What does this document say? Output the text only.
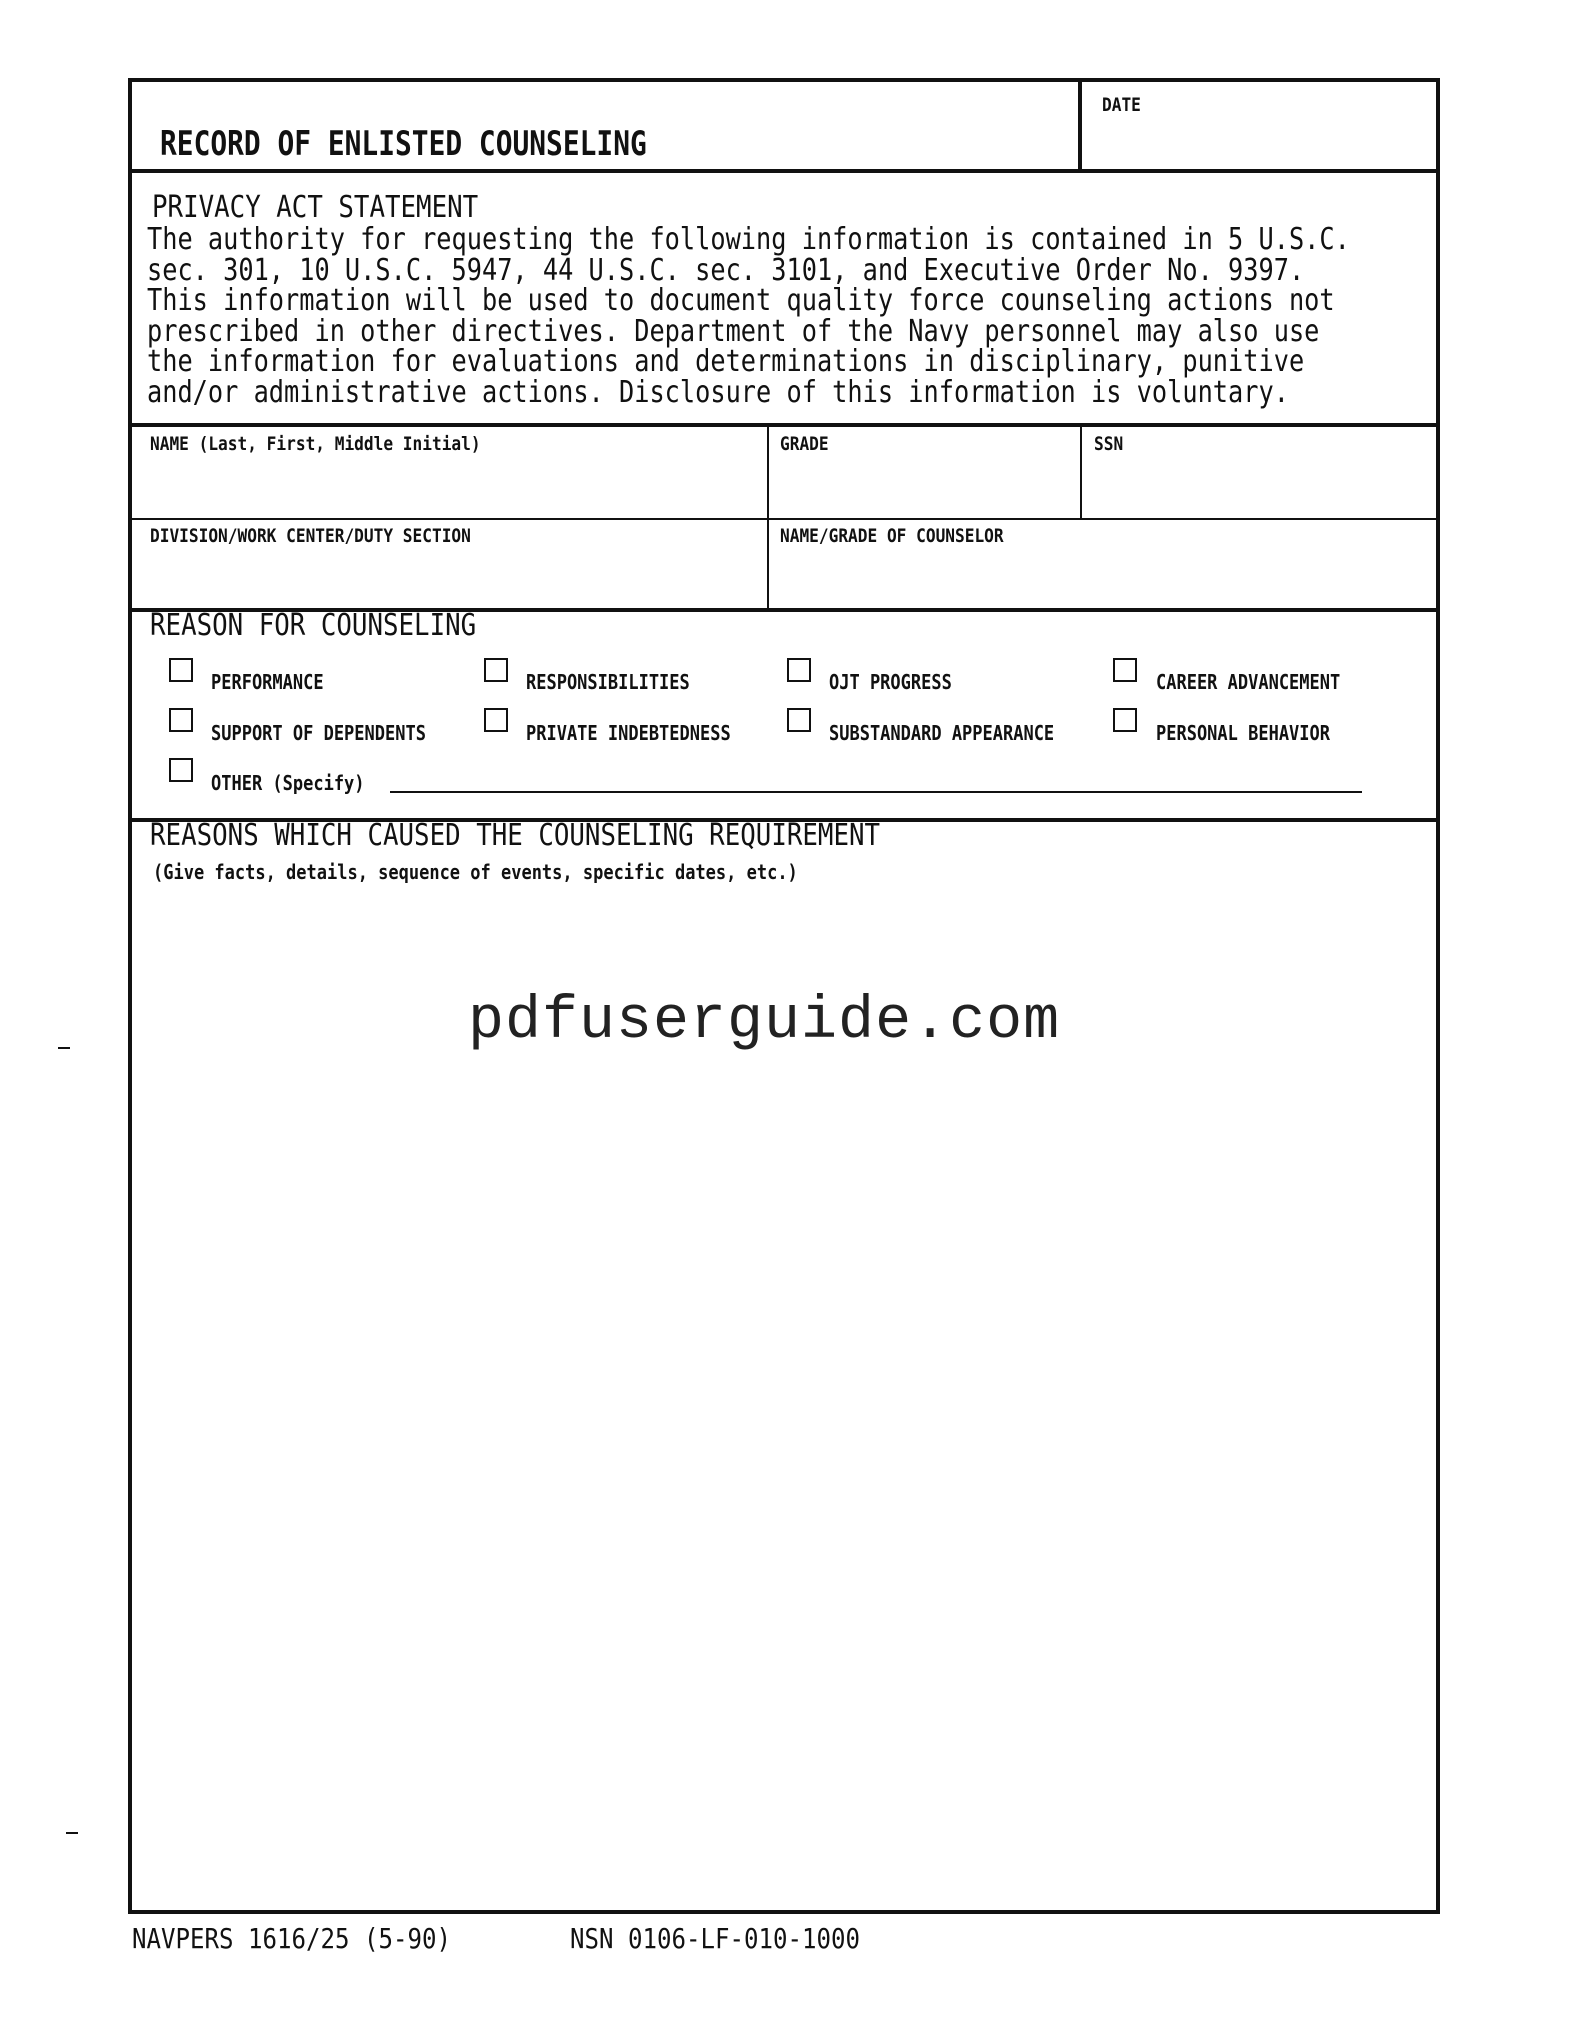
RECORD OF ENLISTED COUNSELING
DATE
PRIVACY ACT STATEMENT
The authority for requesting the following information is contained in 5 U.S.C.
sec. 301, 10 U.S.C. 5947, 44 U.S.C. sec. 3101, and Executive Order No. 9397.
This information will be used to document quality force counseling actions not
prescribed in other directives. Department of the Navy personnel may also use
the information for evaluations and determinations in disciplinary, punitive
and/or administrative actions. Disclosure of this information is voluntary.
NAME (Last, First, Middle Initial)	GRADE	SSN
DIVISION/WORK CENTER/DUTY SECTION	NAME/GRADE OF COUNSELOR
REASON FOR COUNSELING
PERFORMANCE	RESPONSIBILITIES	OJT PROGRESS	CAREER ADVANCEMENT
SUPPORT OF DEPENDENTS	PRIVATE INDEBTEDNESS	SUBSTANDARD APPEARANCE	PERSONAL BEHAVIOR
OTHER (Specify)
REASONS WHICH CAUSED THE COUNSELING REQUIREMENT
(Give facts, details, sequence of events, specific dates, etc.)
pdfuserguide.com
NAVPERS 1616/25 (5-90)	NSN 0106-LF-010-1000
